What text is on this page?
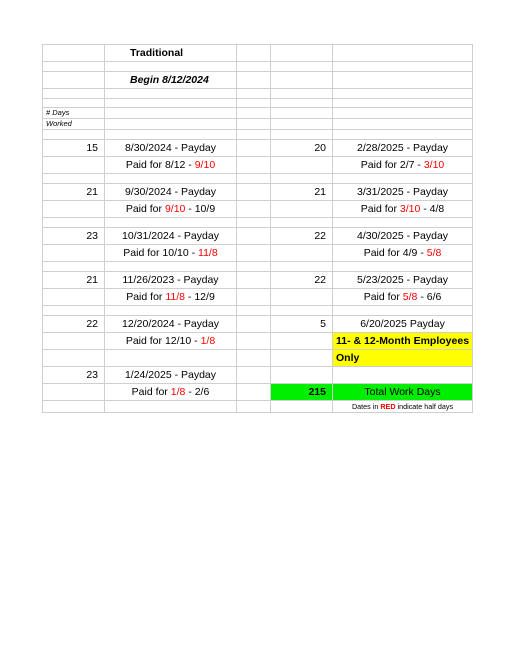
	Traditional			

	Begin 8/12/2024			

# Days				
Worked				

15	8/30/2024 - Payday		20	2/28/2025 - Payday
	Paid for 8/12 - 9/10			Paid for 2/7 - 3/10

21	9/30/2024 - Payday		21	3/31/2025 - Payday
	Paid for 9/10 - 10/9			Paid for 3/10 - 4/8

23	10/31/2024 - Payday		22	4/30/2025 - Payday
	Paid for 10/10 - 11/8			Paid for 4/9 - 5/8

21	11/26/2023 - Payday		22	5/23/2025 - Payday
	Paid for 11/8 - 12/9			Paid for 5/8 - 6/6

22	12/20/2024 - Payday		5	6/20/2025 Payday
	Paid for 12/10 - 1/8			11- & 12-Month Employees
				Only
23	1/24/2025 - Payday			
	Paid for 1/8 - 2/6		215	Total Work Days
				Dates in RED indicate half days
